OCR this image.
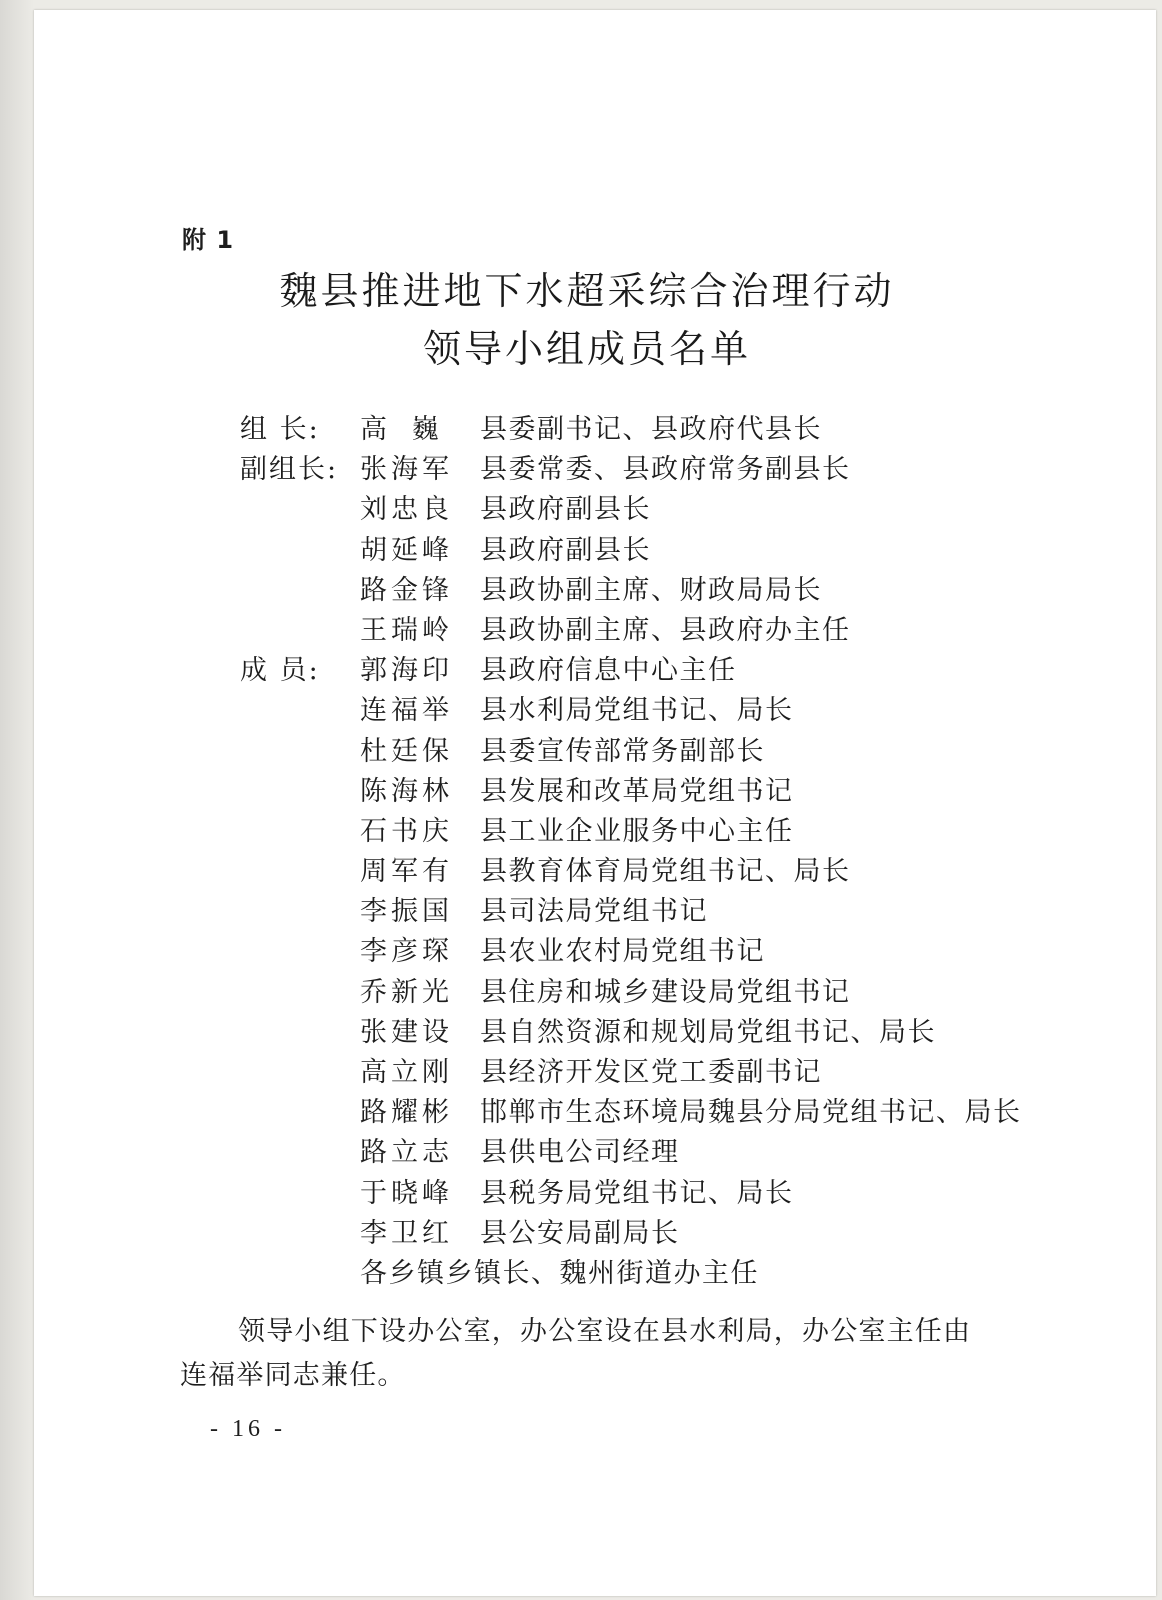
附 1
魏县推进地下水超采综合治理行动
领导小组成员名单
组 长:	高 巍 县委副书记、县政府代县长
副组长: 张海军 县委常委、县政府常务副县长
刘忠良 县政府副县长
胡延峰 县政府副县长
路金锋 县政协副主席、财政局局长
王瑞岭 县政协副主席、县政府办主任
成 员:	郭海印 县政府信息中心主任
连福举 县水利局党组书记、局长
杜廷保 县委宣传部常务副部长
陈海林 县发展和改革局党组书记
石书庆 县工业企业服务中心主任
周军有 县教育体育局党组书记、局长
李振国 县司法局党组书记
李彦琛 县农业农村局党组书记
乔新光 县住房和城乡建设局党组书记
张建设 县自然资源和规划局党组书记、局长
高立刚 县经济开发区党工委副书记
路耀彬 邯郸市生态环境局魏县分局党组书记、局长
路立志 县供电公司经理
于晓峰 县税务局党组书记、局长
李卫红 县公安局副局长
各乡镇乡镇长、魏州街道办主任
领导小组下设办公室，办公室设在县水利局，办公室主任由
连福举同志兼任。
- 16 -
